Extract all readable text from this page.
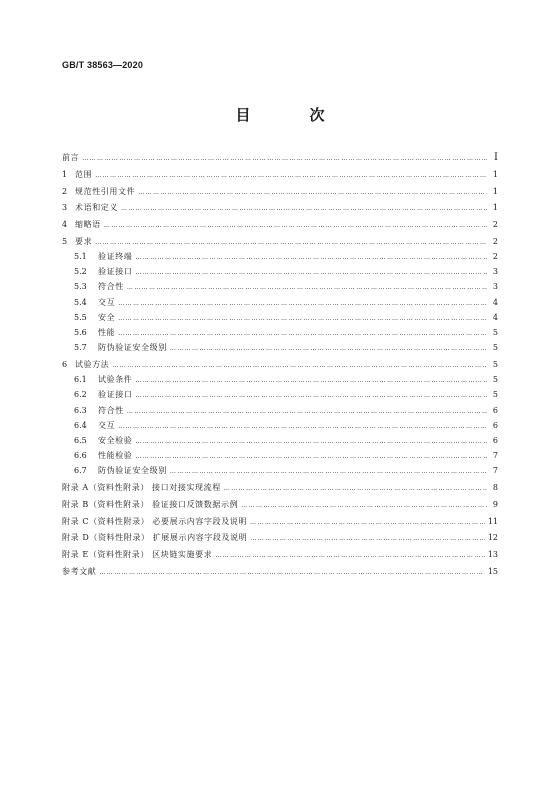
GB/T 38563—2020
目　次
前言 ……………………………………………………………………………………………………………………………………………………………………………………………………………………………………	I
1 范围 ……………………………………………………………………………………………………………………………………………………………………………………………………………………………………	1
2 规范性引用文件 ……………………………………………………………………………………………………………………………………………………………………………………………………………………………………	1
3 术语和定义 ……………………………………………………………………………………………………………………………………………………………………………………………………………………………………	1
4 缩略语 ……………………………………………………………………………………………………………………………………………………………………………………………………………………………………	2
5 要求 ……………………………………………………………………………………………………………………………………………………………………………………………………………………………………	2
5.1	验证终端 ……………………………………………………………………………………………………………………………………………………………………………………………………………………………………	2
5.2	验证接口 ……………………………………………………………………………………………………………………………………………………………………………………………………………………………………	3
5.3	符合性 ……………………………………………………………………………………………………………………………………………………………………………………………………………………………………	3
5.4	交互 ……………………………………………………………………………………………………………………………………………………………………………………………………………………………………	4
5.5	安全 ……………………………………………………………………………………………………………………………………………………………………………………………………………………………………	4
5.6	性能 ……………………………………………………………………………………………………………………………………………………………………………………………………………………………………	5
5.7	防伪验证安全级别 ……………………………………………………………………………………………………………………………………………………………………………………………………………………………………	5
6 试验方法 ……………………………………………………………………………………………………………………………………………………………………………………………………………………………………	5
6.1	试验条件 ……………………………………………………………………………………………………………………………………………………………………………………………………………………………………	5
6.2	验证接口 ……………………………………………………………………………………………………………………………………………………………………………………………………………………………………	5
6.3	符合性 ……………………………………………………………………………………………………………………………………………………………………………………………………………………………………	6
6.4	交互 ……………………………………………………………………………………………………………………………………………………………………………………………………………………………………	6
6.5	安全检验 ……………………………………………………………………………………………………………………………………………………………………………………………………………………………………	6
6.6	性能检验 ……………………………………………………………………………………………………………………………………………………………………………………………………………………………………	7
6.7	防伪验证安全级别 ……………………………………………………………………………………………………………………………………………………………………………………………………………………………………	7
附录 A（资料性附录） 接口对接实现流程 ……………………………………………………………………………………………………………………………………………………………………………………………………………………………………	8
附录 B（资料性附录） 验证接口反馈数据示例 ……………………………………………………………………………………………………………………………………………………………………………………………………………………………………	9
附录 C（资料性附录） 必要展示内容字段及说明 ……………………………………………………………………………………………………………………………………………………………………………………………………………………………………	11
附录 D（资料性附录） 扩展展示内容字段及说明 ……………………………………………………………………………………………………………………………………………………………………………………………………………………………………	12
附录 E（资料性附录） 区块链实施要求 ……………………………………………………………………………………………………………………………………………………………………………………………………………………………………	13
参考文献 ……………………………………………………………………………………………………………………………………………………………………………………………………………………………………	15
